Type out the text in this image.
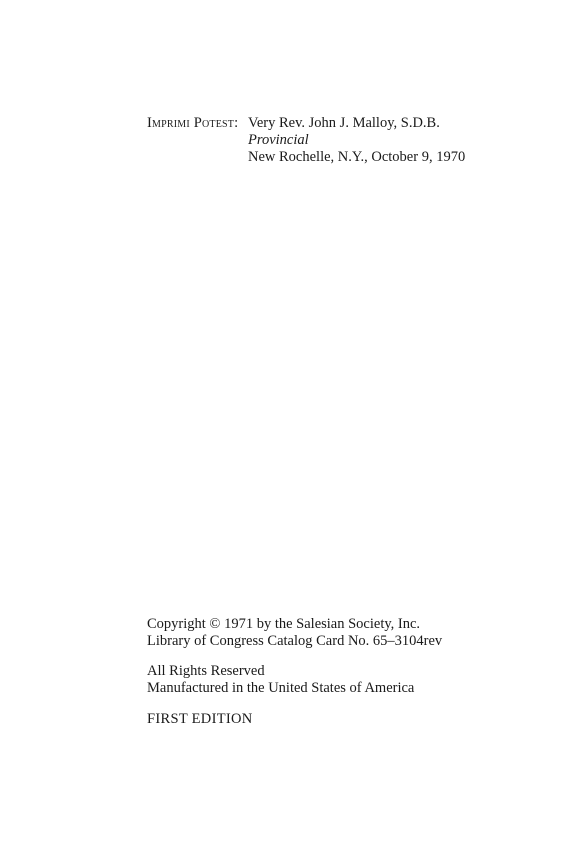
Imprimi Potest: Very Rev. John J. Malloy, S.D.B.
Provincial
New Rochelle, N.Y., October 9, 1970
Copyright © 1971 by the Salesian Society, Inc.
Library of Congress Catalog Card No. 65–3104rev
All Rights Reserved
Manufactured in the United States of America
FIRST EDITION
